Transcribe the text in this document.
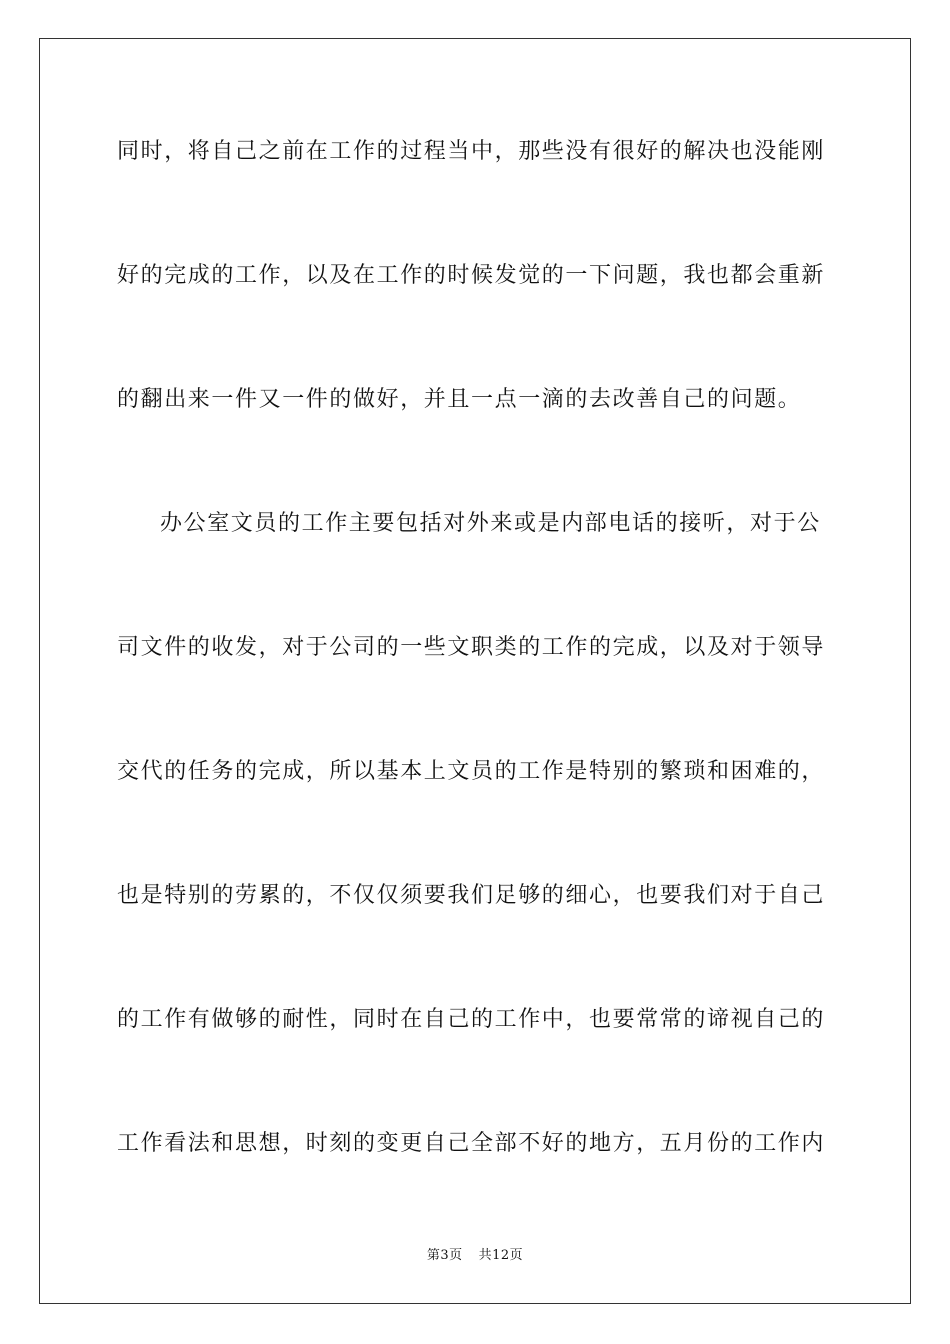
同时，将自己之前在工作的过程当中，那些没有很好的解决也没能刚
好的完成的工作，以及在工作的时候发觉的一下问题，我也都会重新
的翻出来一件又一件的做好，并且一点一滴的去改善自己的问题。
办公室文员的工作主要包括对外来或是内部电话的接听，对于公
司文件的收发，对于公司的一些文职类的工作的完成，以及对于领导
交代的任务的完成，所以基本上文员的工作是特别的繁琐和困难的，
也是特别的劳累的，不仅仅须要我们足够的细心，也要我们对于自己
的工作有做够的耐性，同时在自己的工作中，也要常常的谛视自己的
工作看法和思想，时刻的变更自己全部不好的地方，五月份的工作内
第3页 共12页
